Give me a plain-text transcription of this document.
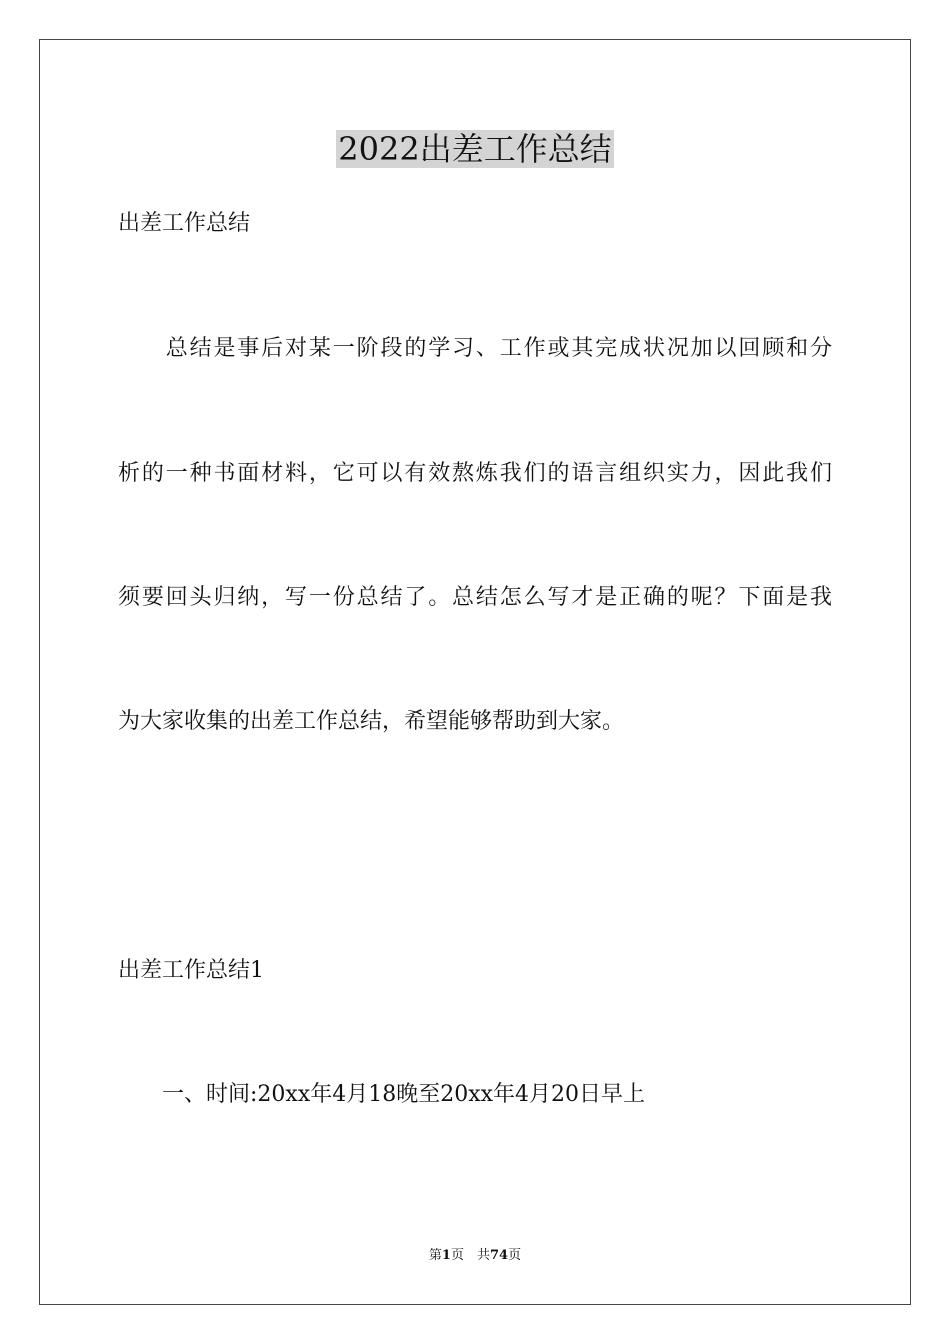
2022出差工作总结
出差工作总结
　　总结是事后对某一阶段的学习、工作或其完成状况加以回顾和分
析的一种书面材料，它可以有效熬炼我们的语言组织实力，因此我们
须要回头归纳，写一份总结了。总结怎么写才是正确的呢？下面是我
为大家收集的出差工作总结，希望能够帮助到大家。
出差工作总结1
　　一、时间:20xx年4月18晚至20xx年4月20日早上
第1页　 共74页
